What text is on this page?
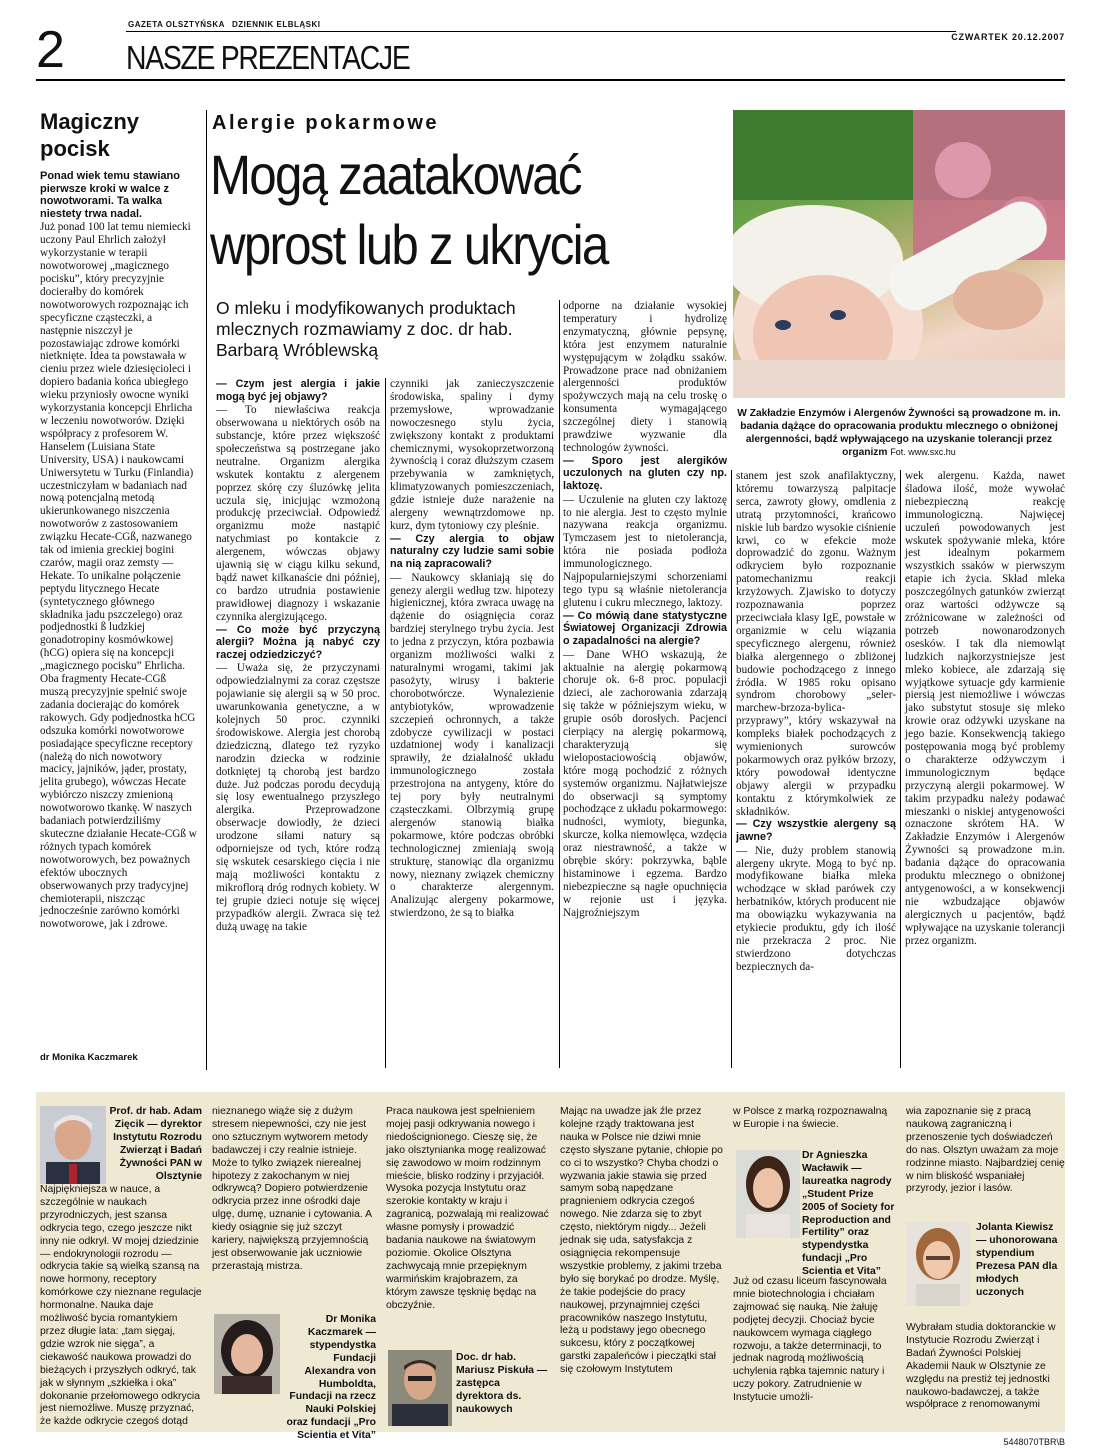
2	GAZETA OLSZTYŃSKA DZIENNIK ELBLĄSKI
NASZE PREZENTACJE
CZWARTEK 20.12.2007
Magiczny pocisk

Ponad wiek temu stawiano pierwsze kroki w walce z nowotworami. Ta walka niestety trwa nadal.

Już ponad 100 lat temu niemiecki uczony Paul Ehrlich założył wykorzystanie w terapii nowotworowej „magicznego pocisku”, który precyzyjnie docierałby do komórek nowotworowych rozpoznając ich specyficzne cząsteczki, a następnie niszczył je pozostawiając zdrowe komórki nietknięte. Idea ta powstawała w cieniu przez wiele dziesięcioleci i dopiero badania końca ubiegłego wieku przyniosły owocne wyniki wykorzystania koncepcji Ehrlicha w leczeniu nowotworów. Dzięki współpracy z profesorem W. Hanselem (Luisiana State University, USA) i naukowcami Uniwersytetu w Turku (Finlandia) uczestniczyłam w badaniach nad nową potencjalną metodą ukierunkowanego niszczenia nowotworów z zastosowaniem związku Hecate-CGß, nazwanego tak od imienia greckiej bogini czarów, magii oraz zemsty — Hekate. To unikalne połączenie peptydu litycznego Hecate (syntetycznego głównego składnika jadu pszczelego) oraz podjednostki ß ludzkiej gonadotropiny kosmówkowej (hCG) opiera się na koncepcji „magicznego pocisku” Ehrlicha. Oba fragmenty Hecate-CGß muszą precyzyjnie spełnić swoje zadania docierając do komórek rakowych. Gdy podjednostka hCG odszuka komórki nowotworowe posiadające specyficzne receptory (należą do nich nowotwory macicy, jajników, jąder, prostaty, jelita grubego), wówczas Hecate wybiórczo niszczy zmienioną nowotworowo tkankę. W naszych badaniach potwierdziliśmy skuteczne działanie Hecate-CGß w różnych typach komórek nowotworowych, bez poważnych efektów ubocznych obserwowanych przy tradycyjnej chemioterapii, niszcząc jednocześnie zarówno komórki nowotworowe, jak i zdrowe.

dr Monika Kaczmarek
Alergie pokarmowe
Mogą zaatakować
wprost lub z ukrycia
O mleku i modyfikowanych produktach mlecznych rozmawiamy z doc. dr hab. Barbarą Wróblewską
W Zakładzie Enzymów i Alergenów Żywności są prowadzone m. in. badania dążące do opracowania produktu mlecznego o obniżonej alergenności, bądź wpływającego na uzyskanie tolerancji przez organizm Fot. www.sxc.hu

— Czym jest alergia i jakie mogą być jej objawy?

— To niewłaściwa reakcja obserwowana u niektórych osób na substancje, które przez większość społeczeństwa są postrzegane jako neutralne. Organizm alergika wskutek kontaktu z alergenem poprzez skórę czy śluzówkę jelita uczula się, inicjując wzmożoną produkcję przeciwciał. Odpowiedź organizmu może nastąpić natychmiast po kontakcie z alergenem, wówczas objawy ujawnią się w ciągu kilku sekund, bądź nawet kilkanaście dni później, co bardzo utrudnia postawienie prawidłowej diagnozy i wskazanie czynnika alergizującego.

— Co może być przyczyną alergii? Można ją nabyć czy raczej odziedziczyć?

— Uważa się, że przyczynami odpowiedzialnymi za coraz częstsze pojawianie się alergii są w 50 proc. uwarunkowania genetyczne, a w kolejnych 50 proc. czynniki środowiskowe. Alergia jest chorobą dziedziczną, dlatego też ryzyko narodzin dziecka w rodzinie dotkniętej tą chorobą jest bardzo duże. Już podczas porodu decydują się losy ewentualnego przyszłego alergika. Przeprowadzone obserwacje dowiodły, że dzieci urodzone siłami natury są odporniejsze od tych, które rodzą się wskutek cesarskiego cięcia i nie mają możliwości kontaktu z mikroflorą dróg rodnych kobiety. W tej grupie dzieci notuje się więcej przypadków alergii. Zwraca się też dużą uwagę na takie

czynniki jak zanieczyszczenie środowiska, spaliny i dymy przemysłowe, wprowadzanie nowoczesnego stylu życia, zwiększony kontakt z produktami chemicznymi, wysokoprzetworzoną żywnością i coraz dłuższym czasem przebywania w zamkniętych, klimatyzowanych pomieszczeniach, gdzie istnieje duże narażenie na alergeny wewnątrzdomowe np. kurz, dym tytoniowy czy pleśnie.

— Czy alergia to objaw naturalny czy ludzie sami sobie na nią zapracowali?

— Naukowcy skłaniają się do genezy alergii według tzw. hipotezy higienicznej, która zwraca uwagę na dążenie do osiągnięcia coraz bardziej sterylnego trybu życia. Jest to jedna z przyczyn, która pozbawia organizm możliwości walki z naturalnymi wrogami, takimi jak pasożyty, wirusy i bakterie chorobotwórcze. Wynalezienie antybiotyków, wprowadzenie szczepień ochronnych, a także zdobycze cywilizacji w postaci uzdatnionej wody i kanalizacji sprawiły, że działalność układu immunologicznego została przestrojona na antygeny, które do tej pory były neutralnymi cząsteczkami. Olbrzymią grupę alergenów stanowią białka pokarmowe, które podczas obróbki technologicznej zmieniają swoją strukturę, stanowiąc dla organizmu nowy, nieznany związek chemiczny o charakterze alergennym. Analizując alergeny pokarmowe, stwierdzono, że są to białka

odporne na działanie wysokiej temperatury i hydrolizę enzymatyczną, głównie pepsynę, która jest enzymem naturalnie występującym w żołądku ssaków. Prowadzone prace nad obniżaniem alergenności produktów spożywczych mają na celu troskę o konsumenta wymagającego szczególnej diety i stanowią prawdziwe wyzwanie dla technologów żywności.

— Sporo jest alergików uczulonych na gluten czy np. laktozę.

— Uczulenie na gluten czy laktozę to nie alergia. Jest to często mylnie nazywana reakcja organizmu. Tymczasem jest to nietolerancja, która nie posiada podłoża immunologicznego. Najpopularniejszymi schorzeniami tego typu są właśnie nietolerancja glutenu i cukru mlecznego, laktozy.

— Co mówią dane statystyczne Światowej Organizacji Zdrowia o zapadalności na alergie?

— Dane WHO wskazują, że aktualnie na alergię pokarmową choruje ok. 6-8 proc. populacji dzieci, ale zachorowania zdarzają się także w późniejszym wieku, w grupie osób dorosłych. Pacjenci cierpiący na alergię pokarmową, charakteryzują się wielopostaciowością objawów, które mogą pochodzić z różnych systemów organizmu. Najłatwiejsze do obserwacji są symptomy pochodzące z układu pokarmowego: nudności, wymioty, biegunka, skurcze, kolka niemowlęca, wzdęcia oraz niestrawność, a także w obrębie skóry: pokrzywka, bąble histaminowe i egzema. Bardzo niebezpieczne są nagłe opuchnięcia w rejonie ust i języka. Najgroźniejszym

stanem jest szok anafilaktyczny, któremu towarzyszą palpitacje serca, zawroty głowy, omdlenia z utratą przytomności, krańcowo niskie lub bardzo wysokie ciśnienie krwi, co w efekcie może doprowadzić do zgonu. Ważnym odkryciem było rozpoznanie patomechanizmu reakcji krzyżowych. Zjawisko to dotyczy rozpoznawania poprzez przeciwciała klasy IgE, powstałe w organizmie w celu wiązania specyficznego alergenu, również białka alergennego o zbliżonej budowie pochodzącego z innego źródła. W 1985 roku opisano syndrom chorobowy „seler-marchew-brzoza-bylica-przyprawy”, który wskazywał na kompleks białek pochodzących z wymienionych surowców pokarmowych oraz pyłków brzozy, który powodował identyczne objawy alergii w przypadku kontaktu z którymkolwiek ze składników.

— Czy wszystkie alergeny są jawne?

— Nie, duży problem stanowią alergeny ukryte. Mogą to być np. modyfikowane białka mleka wchodzące w skład parówek czy herbatników, których producent nie ma obowiązku wykazywania na etykiecie produktu, gdy ich ilość nie przekracza 2 proc. Nie stwierdzono dotychczas bezpiecznych da-

wek alergenu. Każda, nawet śladowa ilość, może wywołać niebezpieczną reakcję immunologiczną. Najwięcej uczuleń powodowanych jest wskutek spożywanie mleka, które jest idealnym pokarmem wszystkich ssaków w pierwszym etapie ich życia. Skład mleka poszczególnych gatunków zwierząt oraz wartości odżywcze są zróżnicowane w zależności od potrzeb nowonarodzonych osesków. I tak dla niemowląt ludzkich najkorzystniejsze jest mleko kobiece, ale zdarzają się wyjątkowe sytuacje gdy karmienie piersią jest niemożliwe i wówczas jako substytut stosuje się mleko krowie oraz odżywki uzyskane na jego bazie. Konsekwencją takiego postępowania mogą być problemy o charakterze odżywczym i immunologicznym będące przyczyną alergii pokarmowej. W takim przypadku należy podawać mieszanki o niskiej antygenowości oznaczone skrótem HA. W Zakładzie Enzymów i Alergenów Żywności są prowadzone m.in. badania dążące do opracowania produktu mlecznego o obniżonej antygenowości, a w konsekwencji nie wzbudzające objawów alergicznych u pacjentów, bądź wpływające na uzyskanie tolerancji przez organizm.

Prof. dr hab. Adam Zięcik — dyrektor Instytutu Rozrodu Zwierząt i Badań Żywności PAN w Olsztynie

Najpiękniejsza w nauce, a szczególnie w naukach przyrodniczych, jest szansa odkrycia tego, czego jeszcze nikt inny nie odkrył. W mojej dziedzinie — endokrynologii rozrodu — odkrycia takie są wielką szansą na nowe hormony, receptory komórkowe czy nieznane regulacje hormonalne. Nauka daje możliwość bycia romantykiem przez długie lata: „tam sięgaj, gdzie wzrok nie sięga”, a ciekawość naukowa prowadzi do bieżących i przyszłych odkryć, tak jak w słynnym „szkiełka i oka” dokonanie przełomowego odkrycia jest niemożliwe. Muszę przyznać, że każde odkrycie czegoś dotąd

nieznanego wiąże się z dużym stresem niepewności, czy nie jest ono sztucznym wytworem metody badawczej i czy realnie istnieje. Może to tylko związek nierealnej hipotezy z zakochanym w niej odkrywcą? Dopiero potwierdzenie odkrycia przez inne ośrodki daje ulgę, dumę, uznanie i cytowania. A kiedy osiągnie się już szczyt kariery, największą przyjemnością jest obserwowanie jak uczniowie przerastają mistrza.

Dr Monika Kaczmarek — stypendystka Fundacji Alexandra von Humboldta, Fundacji na rzecz Nauki Polskiej oraz fundacji „Pro Scientia et Vita”

Praca naukowa jest spełnieniem mojej pasji odkrywania nowego i niedoścignionego. Cieszę się, że jako olsztynianka mogę realizować się zawodowo w moim rodzinnym mieście, blisko rodziny i przyjaciół. Wysoka pozycja Instytutu oraz szerokie kontakty w kraju i zagranicą, pozwalają mi realizować własne pomysły i prowadzić badania naukowe na światowym poziomie. Okolice Olsztyna zachwycają mnie przepięknym warmińskim krajobrazem, za którym zawsze tęsknię będąc na obczyźnie.

Doc. dr hab. Mariusz Piskuła — zastępca dyrektora ds. naukowych

Mając na uwadze jak źle przez kolejne rządy traktowana jest nauka w Polsce nie dziwi mnie często słyszane pytanie, chłopie po co ci to wszystko? Chyba chodzi o wyzwania jakie stawia się przed samym sobą napędzane pragnieniem odkrycia czegoś nowego. Nie zdarza się to zbyt często, niektórym nigdy... Jeżeli jednak się uda, satysfakcja z osiągnięcia rekompensuje wszystkie problemy, z jakimi trzeba było się borykać po drodze. Myślę, że takie podejście do pracy naukowej, przynajmniej części pracowników naszego Instytutu, leżą u podstawy jego obecnego sukcesu, który z początkowej garstki zapaleńców i pieczątki stał się czołowym Instytutem

w Polsce z marką rozpoznawalną w Europie i na świecie.

Dr Agnieszka Wacławik — laureatka nagrody „Student Prize 2005 of Society for Reproduction and Fertility” oraz stypendystka fundacji „Pro Scientia et Vita”
Już od czasu liceum fascynowała mnie biotechnologia i chciałam zajmować się nauką. Nie żałuję podjętej decyzji. Chociaż bycie naukowcem wymaga ciągłego rozwoju, a także determinacji, to jednak nagrodą możliwością uchylenia rąbka tajemnic natury i uczy pokory. Zatrudnienie w Instytucie umożli-

wia zapoznanie się z pracą naukową zagraniczną i przenoszenie tych doświadczeń do nas. Olsztyn uważam za moje rodzinne miasto. Najbardziej cenię w nim bliskość wspaniałej przyrody, jezior i lasów.

Jolanta Kiewisz — uhonorowana stypendium Prezesa PAN dla młodych uczonych
Wybrałam studia doktoranckie w Instytucie Rozrodu Zwierząt i Badań Żywności Polskiej Akademii Nauk w Olsztynie ze względu na prestiż tej jednostki naukowo-badawczej, a także współprace z renomowanymi
5448070TBR\B
